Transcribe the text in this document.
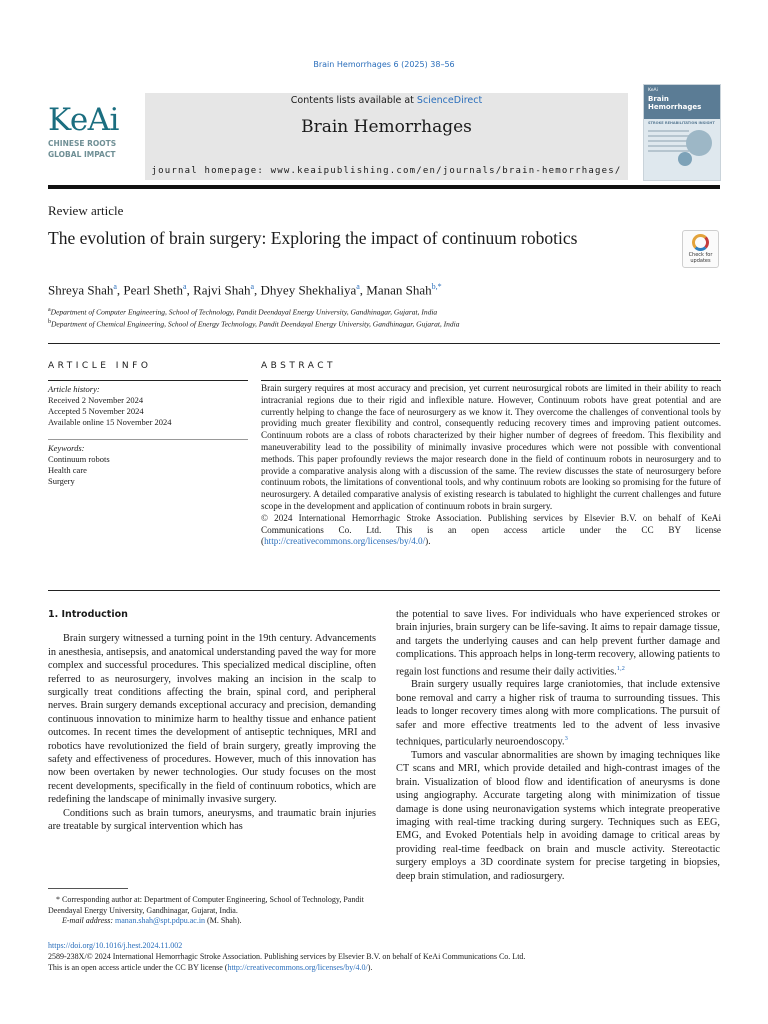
Brain Hemorrhages 6 (2025) 38–56
KeAi
CHINESE ROOTS
GLOBAL IMPACT
Contents lists available at ScienceDirect
Brain Hemorrhages
journal homepage: www.keaipublishing.com/en/journals/brain-hemorrhages/
KeAi
Brain
Hemorrhages
STROKE REHABILITATION INSIGHT
Review article
The evolution of brain surgery: Exploring the impact of continuum robotics
Check for
updates
Shreya Shah$^a$, Pearl Sheth$^a$, Rajvi Shah$^a$, Dhyey Shekhaliya$^a$, Manan Shah$^{b,*}$
$^a$Department of Computer Engineering, School of Technology, Pandit Deendayal Energy University, Gandhinagar, Gujarat, India
$^b$Department of Chemical Engineering, School of Energy Technology, Pandit Deendayal Energy University, Gandhinagar, Gujarat, India
ARTICLE INFO
Article history:
Received 2 November 2024
Accepted 5 November 2024
Available online 15 November 2024
Keywords:
Continuum robots
Health care
Surgery
ABSTRACT
Brain surgery requires at most accuracy and precision, yet current neurosurgical robots are limited in their ability to reach intracranial regions due to their rigid and inflexible nature. However, Continuum robots have great potential and are currently helping to change the face of neurosurgery as we know it. They overcome the challenges of conventional tools by providing much greater flexibility and control, consequently reducing recovery times and improving patient outcomes. Continuum robots are a class of robots characterized by their higher number of degrees of freedom. This flexibility and maneuverability lead to the possibility of minimally invasive procedures which were not possible with conventional methods. This paper profoundly reviews the major research done in the field of continuum robots in neurosurgery and to provide a comparative analysis along with a discussion of the same. The review discusses the state of neurosurgery before continuum robots, the limitations of conventional tools, and why continuum robots are looking so promising for the future of neurosurgery. A detailed comparative analysis of existing research is tabulated to highlight the current challenges and future scope in the development and application of continuum robots in brain surgery.
© 2024 International Hemorrhagic Stroke Association. Publishing services by Elsevier B.V. on behalf of KeAi Communications Co. Ltd. This is an open access article under the CC BY license (http://creativecommons.org/licenses/by/4.0/).
1. Introduction

Brain surgery witnessed a turning point in the 19th century. Advancements in anesthesia, antisepsis, and anatomical understanding paved the way for more complex and successful procedures. This specialized medical discipline, often referred to as neurosurgery, involves making an incision in the scalp to surgically treat conditions affecting the brain, spinal cord, and peripheral nerves. Brain surgery demands exceptional accuracy and precision, demanding continuous innovation to minimize harm to healthy tissue and enhance patient outcomes. In recent times the development of antiseptic techniques, MRI and robotics have revolutionized the field of brain surgery, greatly improving the safety and effectiveness of procedures. However, much of this innovation has now been overtaken by newer technologies. Our study focuses on the most recent developments, specifically in the field of continuum robotics, which are redefining the landscape of minimally invasive surgery.

Conditions such as brain tumors, aneurysms, and traumatic brain injuries are treatable by surgical intervention which has

the potential to save lives. For individuals who have experienced strokes or brain injuries, brain surgery can be life-saving. It aims to repair damage tissue, and targets the underlying causes and can help prevent further damage and complications. This approach helps in long-term recovery, allowing patients to regain lost functions and resume their daily activities.$^{1,2}$

Brain surgery usually requires large craniotomies, that include extensive bone removal and carry a higher risk of trauma to surrounding tissues. This leads to longer recovery times along with more complications. The pursuit of safer and more effective treatments led to the advent of less invasive techniques, particularly neuroendoscopy.$^3$

Tumors and vascular abnormalities are shown by imaging techniques like CT scans and MRI, which provide detailed and high-contrast images of the brain. Visualization of blood flow and identification of aneurysms is done using angiography. Accurate targeting along with minimization of tissue damage is done using neuronavigation systems which integrate preoperative imaging with real-time tracking during surgery. Techniques such as EEG, EMG, and Evoked Potentials help in avoiding damage to critical areas by providing real-time feedback on brain and muscle activity. Stereotactic surgery employs a 3D coordinate system for precise targeting in biopsies, deep brain stimulation, and radiosurgery.

* Corresponding author at: Department of Computer Engineering, School of Technology, Pandit Deendayal Energy University, Gandhinagar, Gujarat, India.
E-mail address: manan.shah@spt.pdpu.ac.in (M. Shah).
https://doi.org/10.1016/j.hest.2024.11.002
2589-238X/© 2024 International Hemorrhagic Stroke Association. Publishing services by Elsevier B.V. on behalf of KeAi Communications Co. Ltd.
This is an open access article under the CC BY license (http://creativecommons.org/licenses/by/4.0/).
